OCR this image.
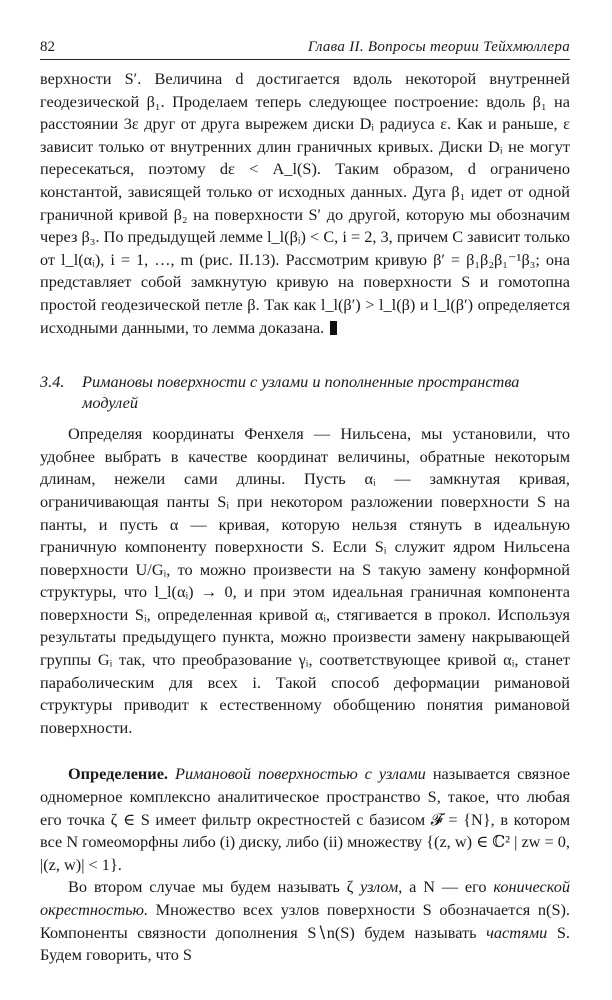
82	Глава II. Вопросы теории Тейхмюллера

верхности S′. Величина d достигается вдоль некоторой внутренней геодезической β₁. Проделаем теперь следующее построение: вдоль β₁ на расстоянии 3ε друг от друга вырежем диски Dᵢ радиуса ε. Как и раньше, ε зависит только от внутренних длин граничных кривых. Диски Dᵢ не могут пересекаться, поэтому dε < A_l(S). Таким образом, d ограничено константой, зависящей только от исходных данных. Дуга β₁ идет от одной граничной кривой β₂ на поверхности S′ до другой, которую мы обозначим через β₃. По предыдущей лемме l_l(βᵢ) < C, i = 2, 3, причем C зависит только от l_l(αᵢ), i = 1, …, m (рис. II.13). Рассмотрим кривую β′ = β₁β₂β₁⁻¹β₃; она представляет собой замкнутую кривую на поверхности S и гомотопна простой геодезической петле β. Так как l_l(β′) > l_l(β) и l_l(β′) определяется исходными данными, то лемма доказана.

3.4.	Римановы поверхности с узлами и пополненные пространства модулей

Определяя координаты Фенхеля — Нильсена, мы установили, что удобнее выбрать в качестве координат величины, обратные некоторым длинам, нежели сами длины. Пусть αᵢ — замкнутая кривая, ограничивающая панты Sᵢ при некотором разложении поверхности S на панты, и пусть α — кривая, которую нельзя стянуть в идеальную граничную компоненту поверхности S. Если Sᵢ служит ядром Нильсена поверхности U/Gᵢ, то можно произвести на S такую замену конформной структуры, что l_l(αᵢ) → 0, и при этом идеальная граничная компонента поверхности Sᵢ, определенная кривой αᵢ, стягивается в прокол. Используя результаты предыдущего пункта, можно произвести замену накрывающей группы Gᵢ так, что преобразование γᵢ, соответствующее кривой αᵢ, станет параболическим для всех i. Такой способ деформации римановой структуры приводит к естественному обобщению понятия римановой поверхности.

Определение. Римановой поверхностью с узлами называется связное одномерное комплексно аналитическое пространство S, такое, что любая его точка ζ ∈ S имеет фильтр окрестностей с базисом 𝓕 = {N}, в котором все N гомеоморфны либо (i) диску, либо (ii) множеству {(z, w) ∈ ℂ² | zw = 0, |(z, w)| < 1}.

Во втором случае мы будем называть ζ узлом, а N — его конической окрестностью. Множество всех узлов поверхности S обозначается n(S). Компоненты связности дополнения S∖n(S) будем называть частями S. Будем говорить, что S
